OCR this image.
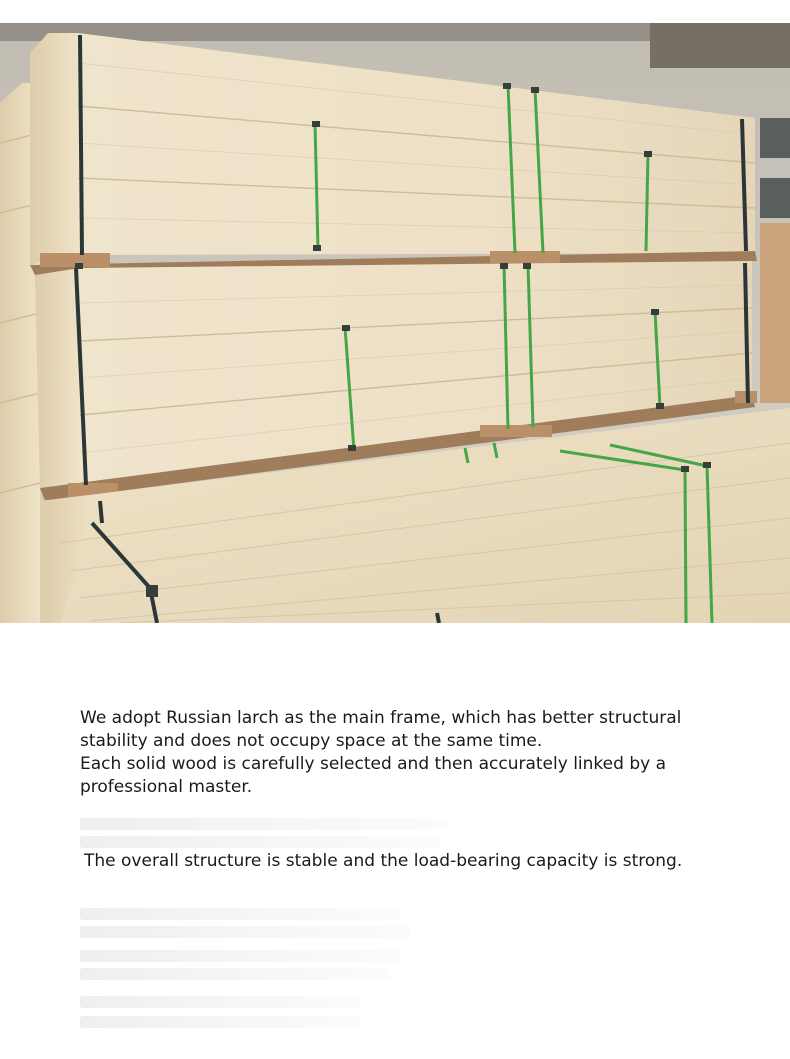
We adopt Russian larch as the main frame, which has better structural
stability and does not occupy space at the same time.
Each solid wood is carefully selected and then accurately linked by a
professional master.

The overall structure is stable and the load-bearing capacity is strong.
